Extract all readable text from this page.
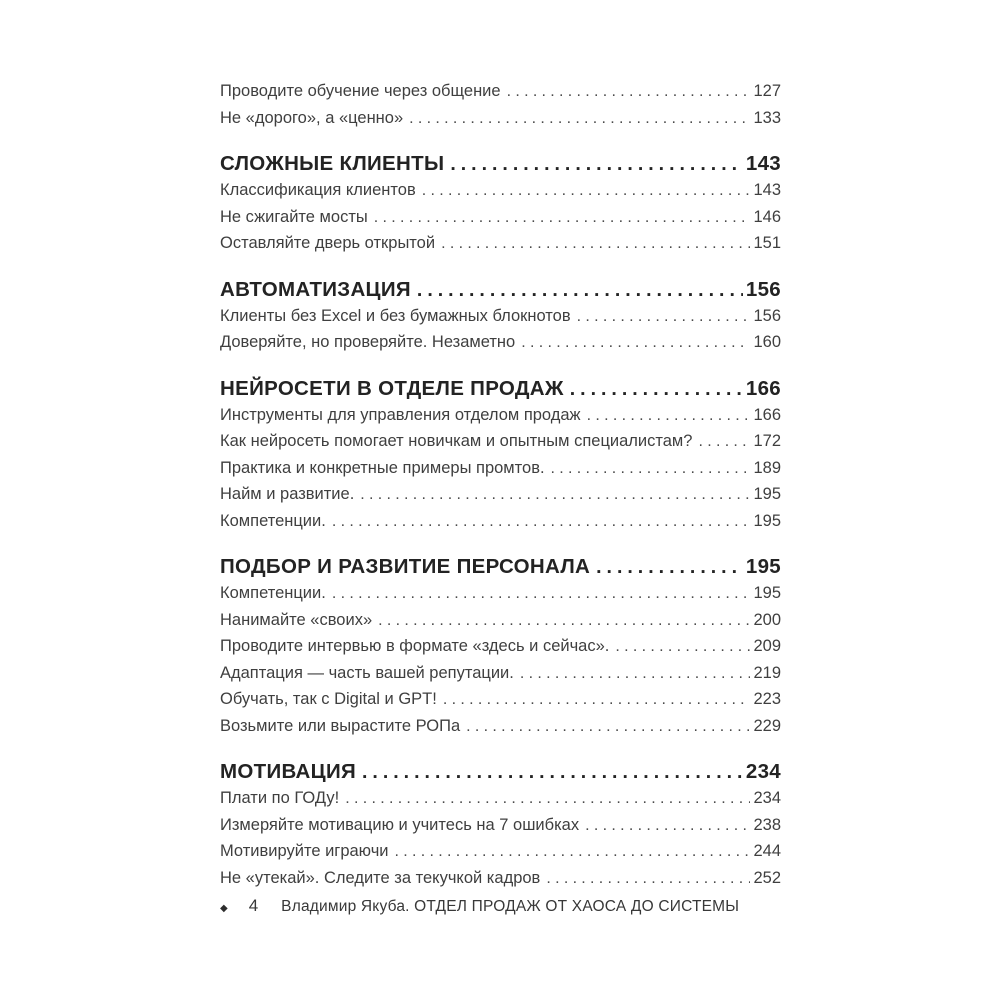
Проводите обучение через общение .....	127
Не «дорого», а «ценно» .....	133
СЛОЖНЫЕ КЛИЕНТЫ .....	143
Классификация клиентов .....	143
Не сжигайте мосты .....	146
Оставляйте дверь открытой .....	151
АВТОМАТИЗАЦИЯ .....	156
Клиенты без Excel и без бумажных блокнотов .....	156
Доверяйте, но проверяйте. Незаметно .....	160
НЕЙРОСЕТИ В ОТДЕЛЕ ПРОДАЖ .....	166
Инструменты для управления отделом продаж .....	166
Как нейросеть помогает новичкам и опытным специалистам? .....	172
Практика и конкретные примеры промтов. .....	189
Найм и развитие. .....	195
Компетенции. .....	195
ПОДБОР И РАЗВИТИЕ ПЕРСОНАЛА .....	195
Компетенции. .....	195
Нанимайте «своих» .....	200
Проводите интервью в формате «здесь и сейчас». .....	209
Адаптация — часть вашей репутации. .....	219
Обучать, так с Digital и GPT! .....	223
Возьмите или вырастите РОПа .....	229
МОТИВАЦИЯ .....	234
Плати по ГОДу! .....	234
Измеряйте мотивацию и учитесь на 7 ошибках .....	238
Мотивируйте играючи .....	244
Не «утекай». Следите за текучкой кадров .....	252
◆ 4 Владимир Якуба. ОТДЕЛ ПРОДАЖ ОТ ХАОСА ДО СИСТЕМЫ
